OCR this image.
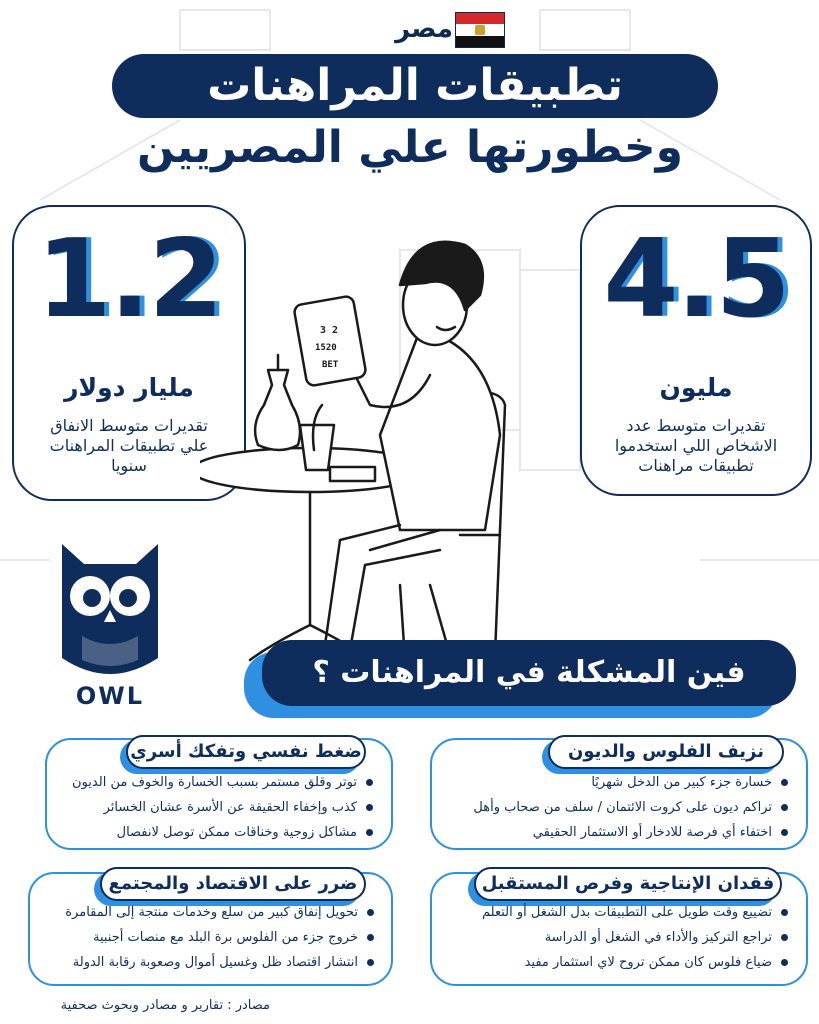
مصر
تطبيقات المراهنات
وخطورتها علي المصريين
1.2
مليار دولار
تقديرات متوسط الانفاق علي تطبيقات المراهنات سنويا
4.5
مليون
تقديرات متوسط عدد الاشخاص اللي استخدموا تطبيقات مراهنات
3 2
1520
BET
OWL
فين المشكلة في المراهنات ؟
نزيف الفلوس والديون
خسارة جزء كبير من الدخل شهريًا
تراكم ديون على كروت الائتمان / سلف من صحاب وأهل
اختفاء أي فرصة للادخار أو الاستثمار الحقيقي
ضغط نفسي وتفكك أسري
توتر وقلق مستمر بسبب الخسارة والخوف من الديون
كذب وإخفاء الحقيقة عن الأسرة عشان الخسائر
مشاكل زوجية وخناقات ممكن توصل لانفصال
فقدان الإنتاجية وفرص المستقبل
تضييع وقت طويل على التطبيقات بدل الشغل أو التعلم
تراجع التركيز والأداء في الشغل أو الدراسة
ضياع فلوس كان ممكن تروح لاي استثمار مفيد
ضرر على الاقتصاد والمجتمع
تحويل إنفاق كبير من سلع وخدمات منتجة إلى المقامرة
خروج جزء من الفلوس برة البلد مع منصات أجنبية
انتشار اقتصاد ظل وغسيل أموال وصعوبة رقابة الدولة
مصادر : تقارير و مصادر وبحوث صحفية
